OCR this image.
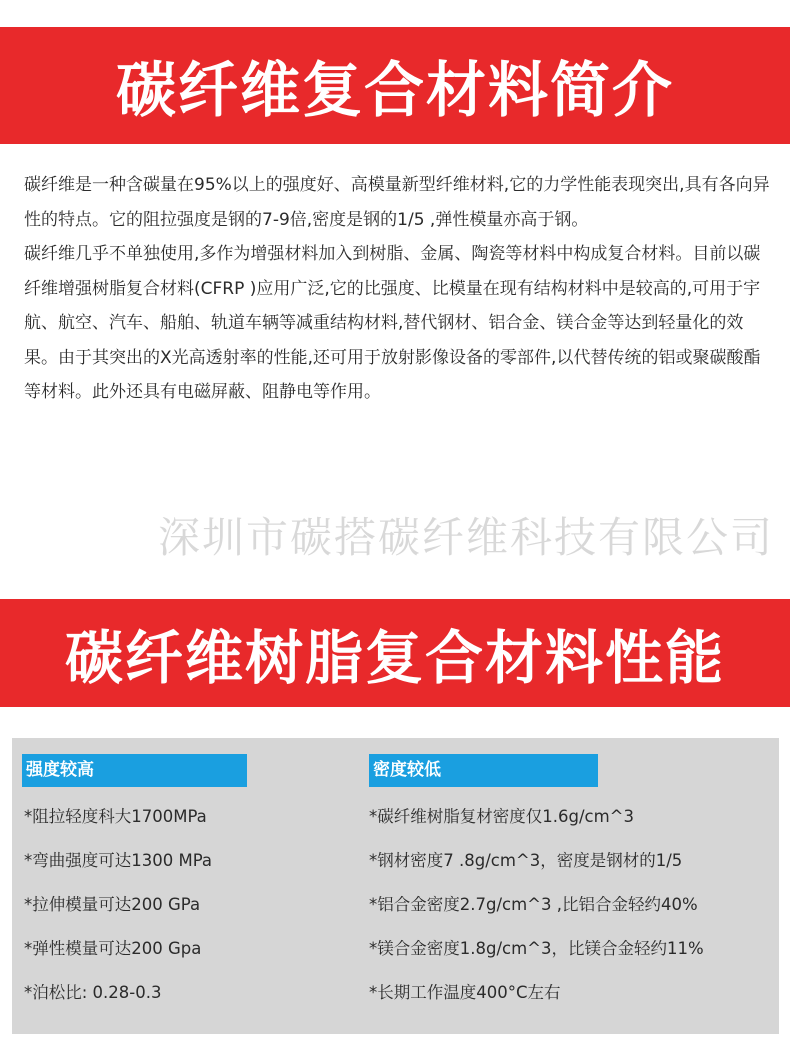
碳纤维复合材料简介

碳纤维是一种含碳量在95%以上的强度好、高模量新型纤维材料,它的力学性能表现突出,具有各向异性的特点。它的阻拉强度是钢的7-9倍,密度是钢的1/5 ,弹性模量亦高于钢。

碳纤维几乎不单独使用,多作为增强材料加入到树脂、金属、陶瓷等材料中构成复合材料。目前以碳纤维增强树脂复合材料(CFRP )应用广泛,它的比强度、比模量在现有结构材料中是较高的,可用于宇航、航空、汽车、船舶、轨道车辆等减重结构材料,替代钢材、铝合金、镁合金等达到轻量化的效果。由于其突出的X光高透射率的性能,还可用于放射影像设备的零部件,以代替传统的铝或聚碳酸酯等材料。此外还具有电磁屏蔽、阻静电等作用。

深圳市碳搭碳纤维科技有限公司
碳纤维树脂复合材料性能
强度较高
*阻拉轻度科大1700MPa
*弯曲强度可达1300 MPa
*拉伸模量可达200 GPa
*弹性模量可达200 Gpa
*泊松比: 0.28-0.3
密度较低
*碳纤维树脂复材密度仅1.6g/cm^3
*钢材密度7 .8g/cm^3，密度是钢材的1/5
*铝合金密度2.7g/cm^3 ,比铝合金轻约40%
*镁合金密度1.8g/cm^3，比镁合金轻约11%
*长期工作温度400°C左右
